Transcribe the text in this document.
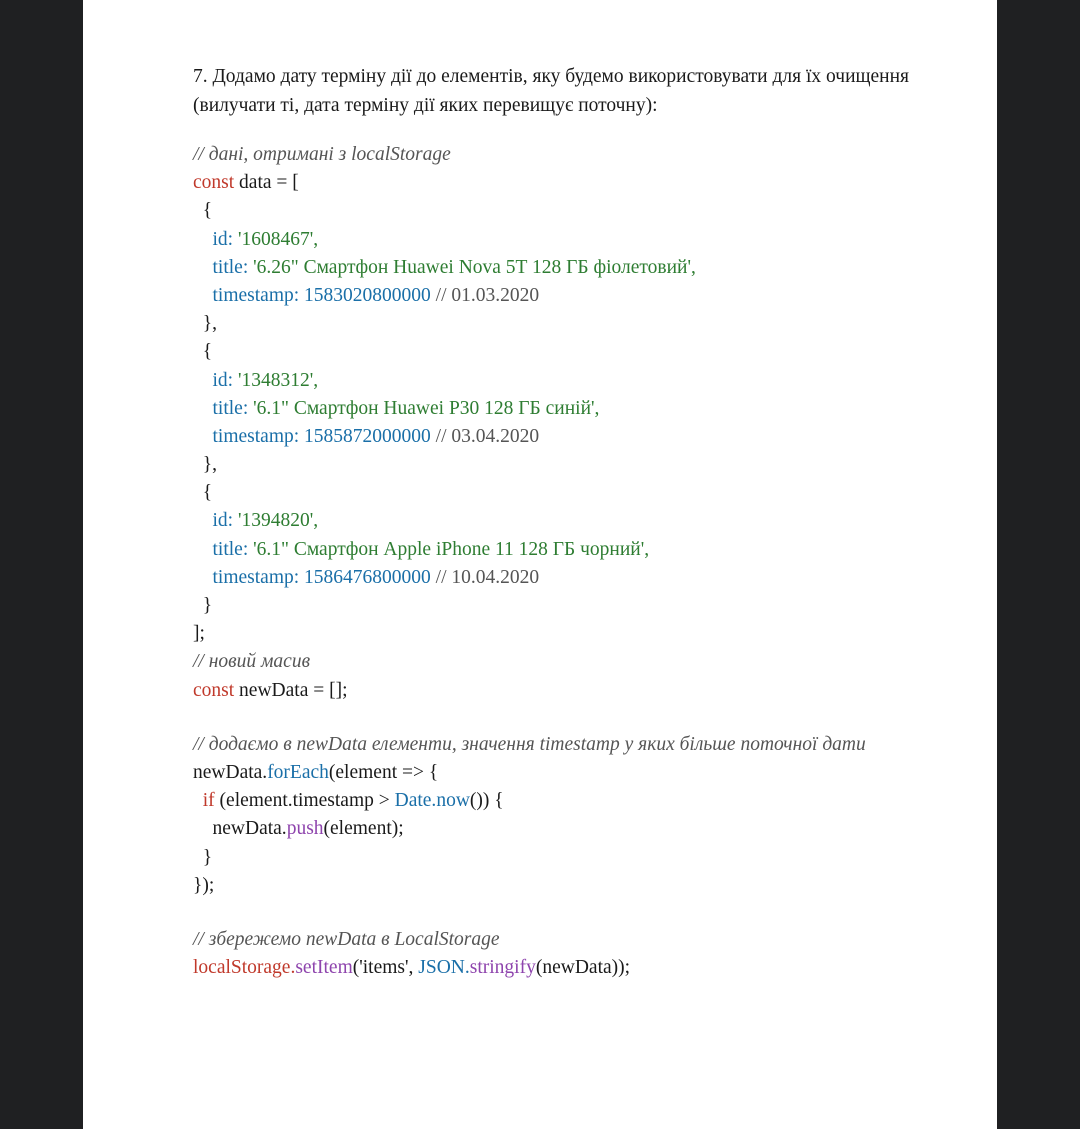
7. Додамо дату терміну дії до елементів, яку будемо використовувати для їх очищення (вилучати ті, дата терміну дії яких перевищує поточну):

// дані, отримані з localStorage
const data = [
{
id: '1608467',
title: '6.26" Смартфон Huawei Nova 5T 128 ГБ фіолетовий',
timestamp: 1583020800000 // 01.03.2020
},
{
id: '1348312',
title: '6.1" Смартфон Huawei P30 128 ГБ синій',
timestamp: 1585872000000 // 03.04.2020
},
{
id: '1394820',
title: '6.1" Смартфон Apple iPhone 11 128 ГБ чорний',
timestamp: 1586476800000 // 10.04.2020
}
];
// новий масив
const newData = [];
// додаємо в newData елементи, значення timestamp у яких більше поточної дати
newData.forEach(element => {
if (element.timestamp > Date.now()) {
newData.push(element);
}
});
// збережемо newData в LocalStorage
localStorage.setItem('items', JSON.stringify(newData));
